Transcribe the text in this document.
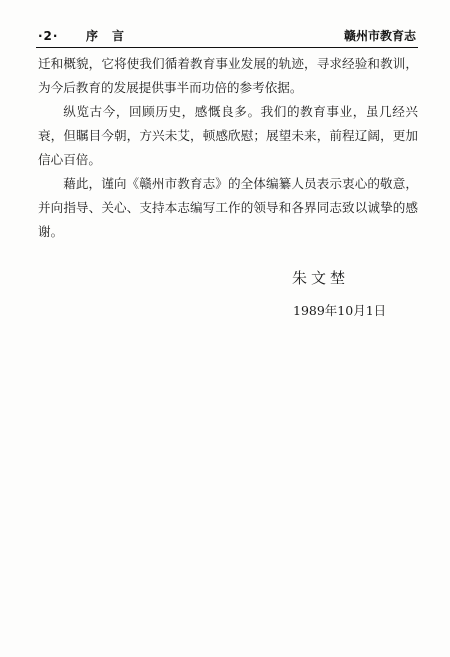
·2· 序言	赣州市教育志

迁和概貌，它将使我们循着教育事业发展的轨迹，寻求经验和教训，为今后教育的发展提供事半而功倍的参考依据。

纵览古今，回顾历史，感慨良多。我们的教育事业，虽几经兴衰，但瞩目今朝，方兴未艾，顿感欣慰；展望未来，前程辽阔，更加信心百倍。

藉此，谨向《赣州市教育志》的全体编纂人员表示衷心的敬意，并向指导、关心、支持本志编写工作的领导和各界同志致以诚挚的感谢。

朱文埜
1989年10月1日
